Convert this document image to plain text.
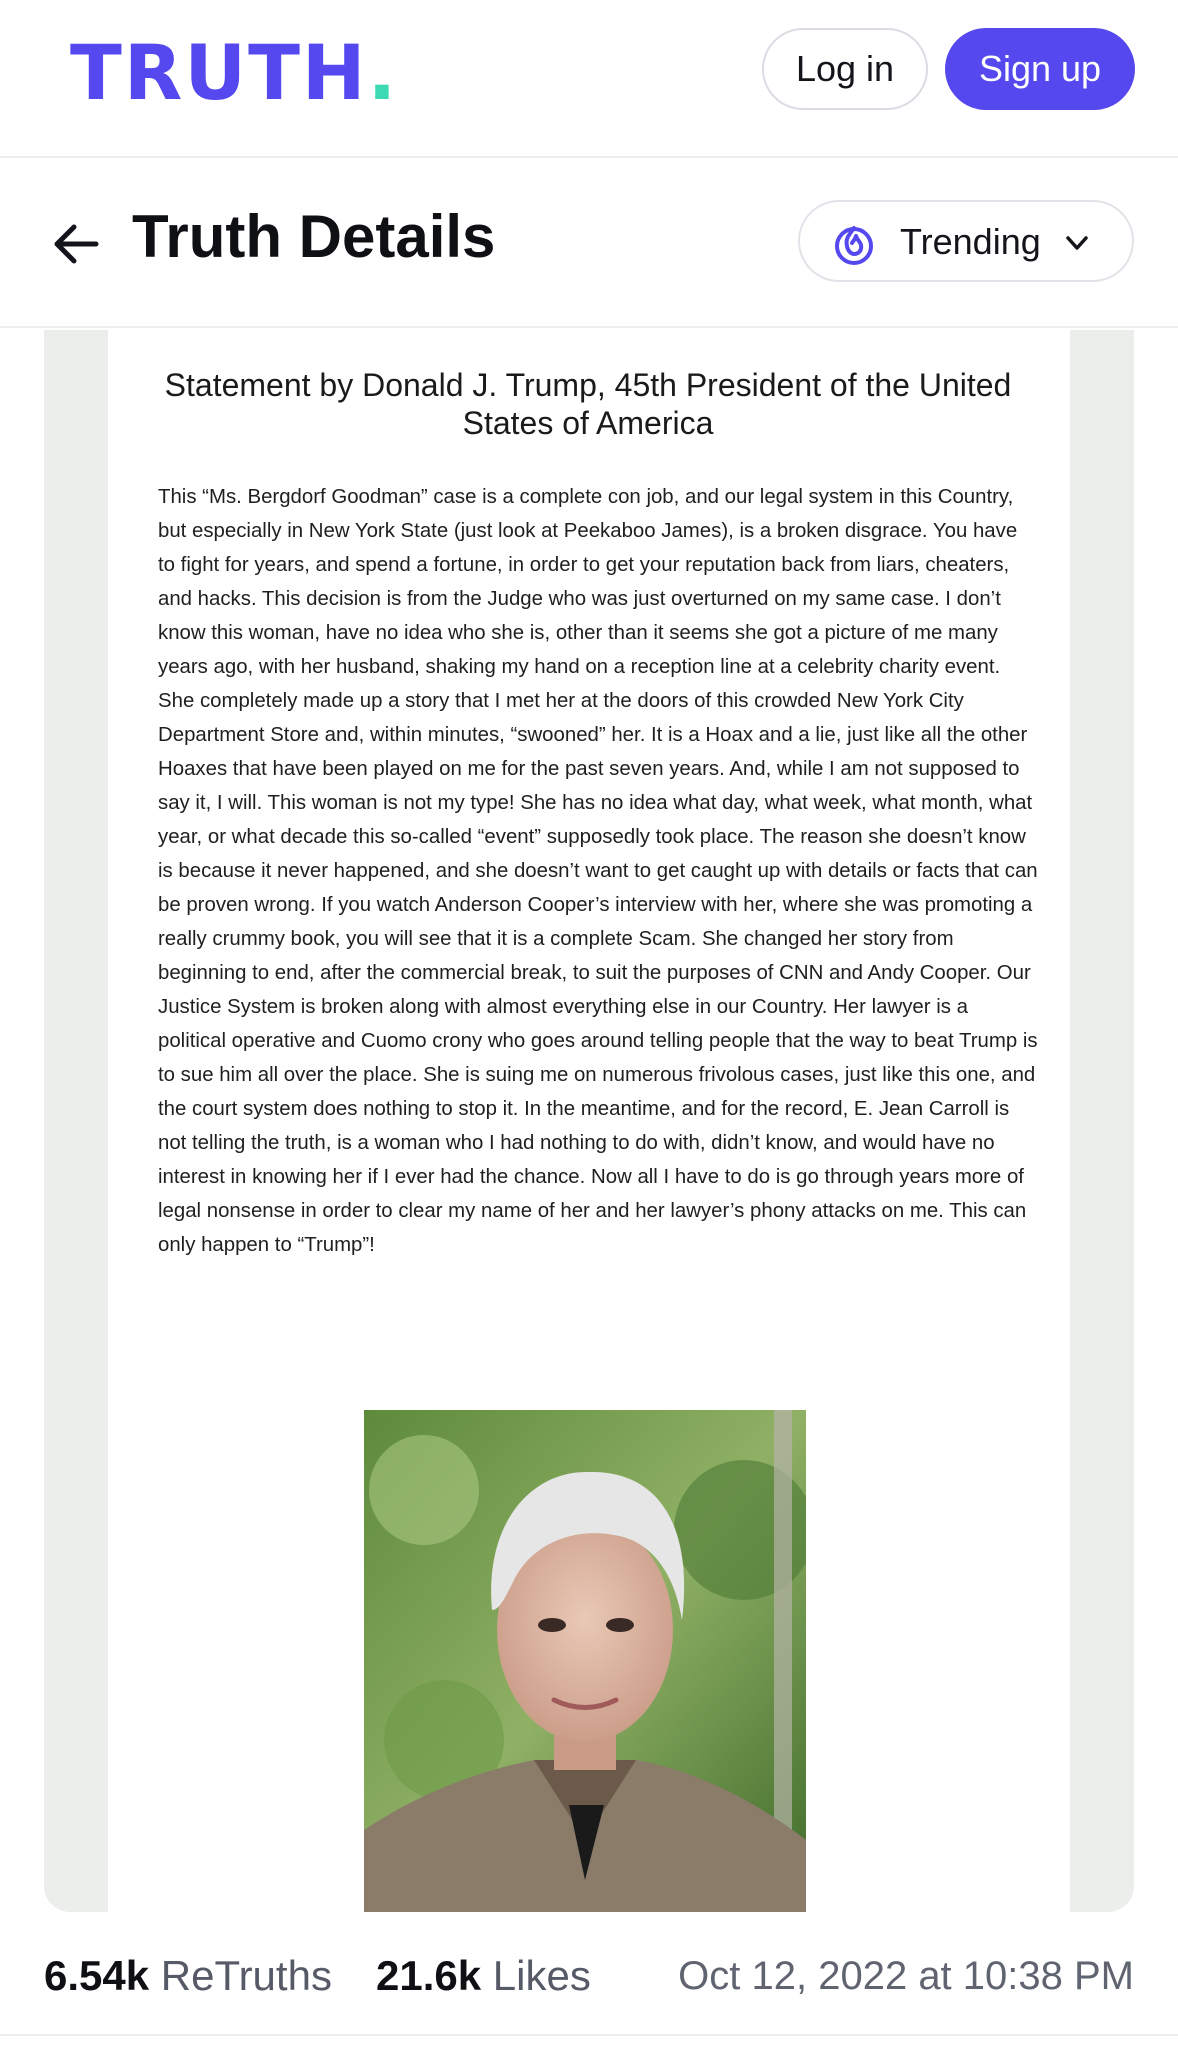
TRUTH.	Log in	Sign up
Truth Details	Trending
Statement by Donald J. Trump, 45th President of the United States of America
This “Ms. Bergdorf Goodman” case is a complete con job, and our legal system in this Country, but especially in New York State (just look at Peekaboo James), is a broken disgrace. You have to fight for years, and spend a fortune, in order to get your reputation back from liars, cheaters, and hacks. This decision is from the Judge who was just overturned on my same case. I don’t know this woman, have no idea who she is, other than it seems she got a picture of me many years ago, with her husband, shaking my hand on a reception line at a celebrity charity event. She completely made up a story that I met her at the doors of this crowded New York City Department Store and, within minutes, “swooned” her. It is a Hoax and a lie, just like all the other Hoaxes that have been played on me for the past seven years. And, while I am not supposed to say it, I will. This woman is not my type! She has no idea what day, what week, what month, what year, or what decade this so-called “event” supposedly took place. The reason she doesn’t know is because it never happened, and she doesn’t want to get caught up with details or facts that can be proven wrong. If you watch Anderson Cooper’s interview with her, where she was promoting a really crummy book, you will see that it is a complete Scam. She changed her story from beginning to end, after the commercial break, to suit the purposes of CNN and Andy Cooper. Our Justice System is broken along with almost everything else in our Country. Her lawyer is a political operative and Cuomo crony who goes around telling people that the way to beat Trump is to sue him all over the place. She is suing me on numerous frivolous cases, just like this one, and the court system does nothing to stop it. In the meantime, and for the record, E. Jean Carroll is not telling the truth, is a woman who I had nothing to do with, didn’t know, and would have no interest in knowing her if I ever had the chance. Now all I have to do is go through years more of legal nonsense in order to clear my name of her and her lawyer’s phony attacks on me. This can only happen to “Trump”!
6.54k ReTruths 21.6k Likes Oct 12, 2022 at 10:38 PM
